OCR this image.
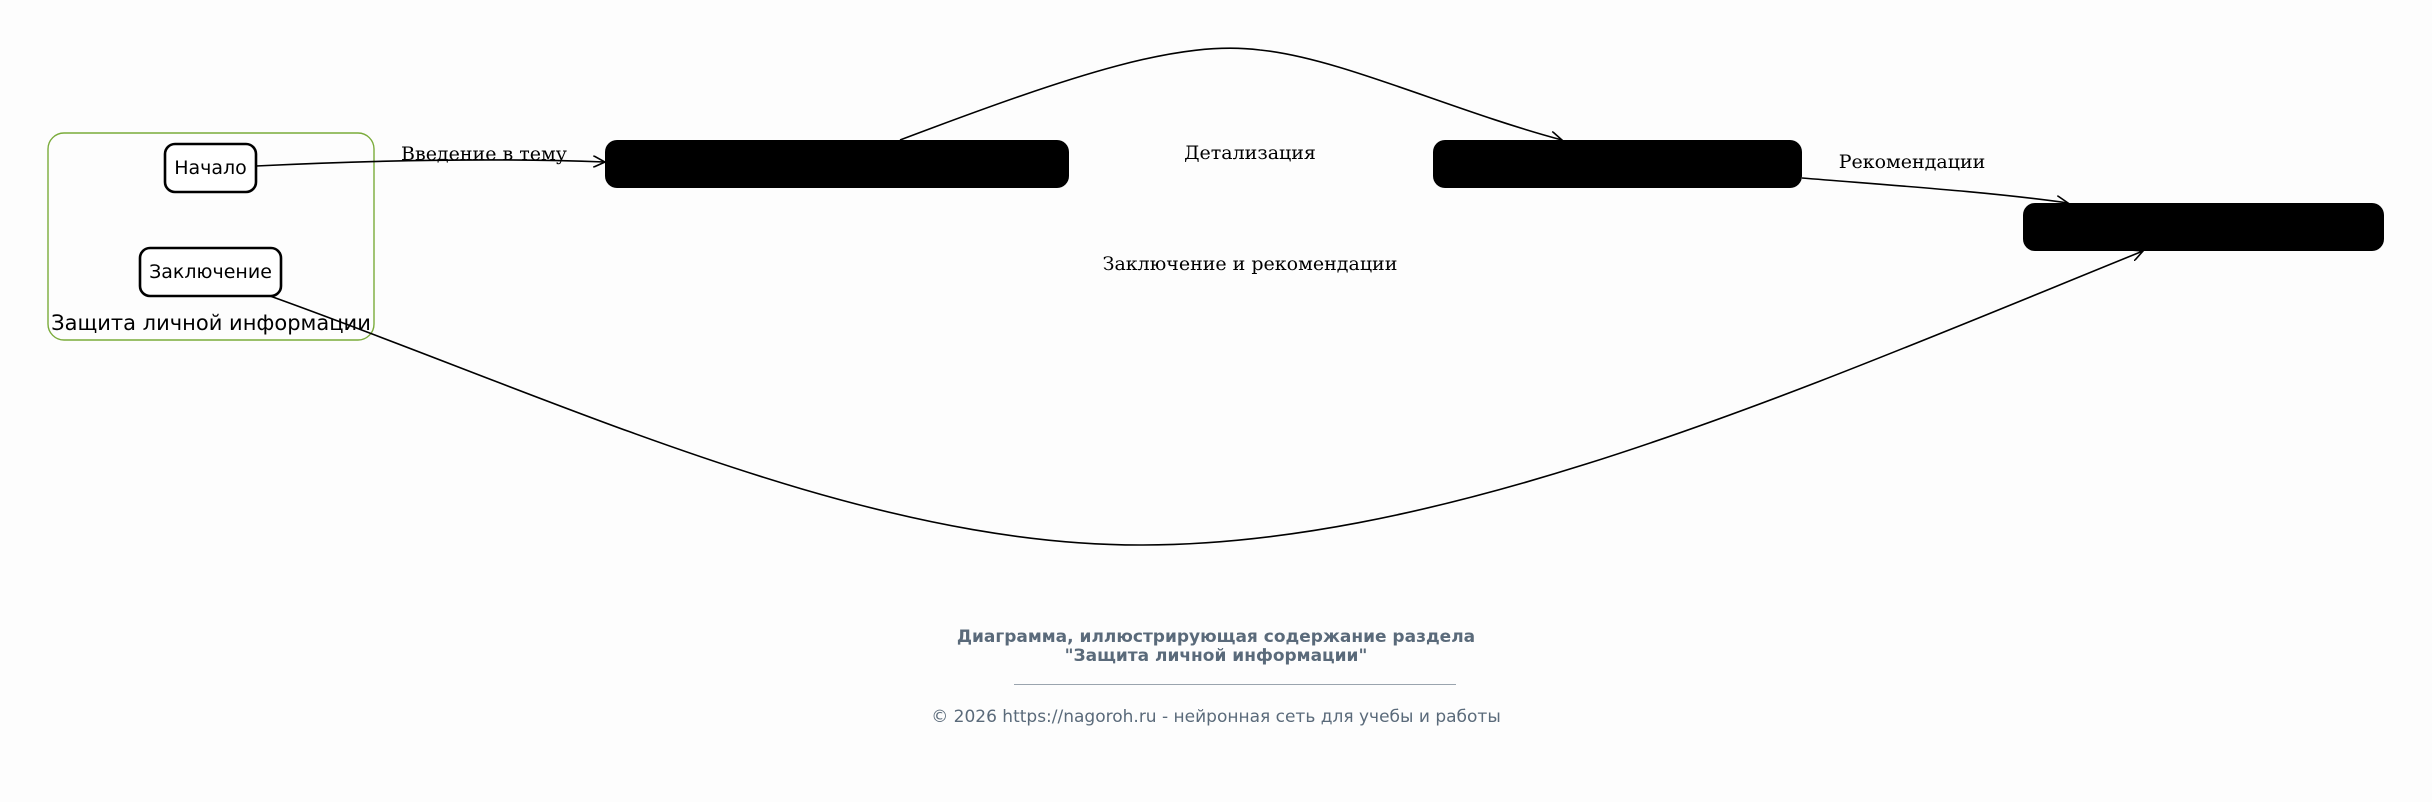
Защита личной информации
Начало
Заключение
Введение в тему	Детализация	Рекомендации
Заключение и рекомендации
Диаграмма, иллюстрирующая содержание раздела
"Защита личной информации"
© 2026 https://nagoroh.ru - нейронная сеть для учебы и работы
